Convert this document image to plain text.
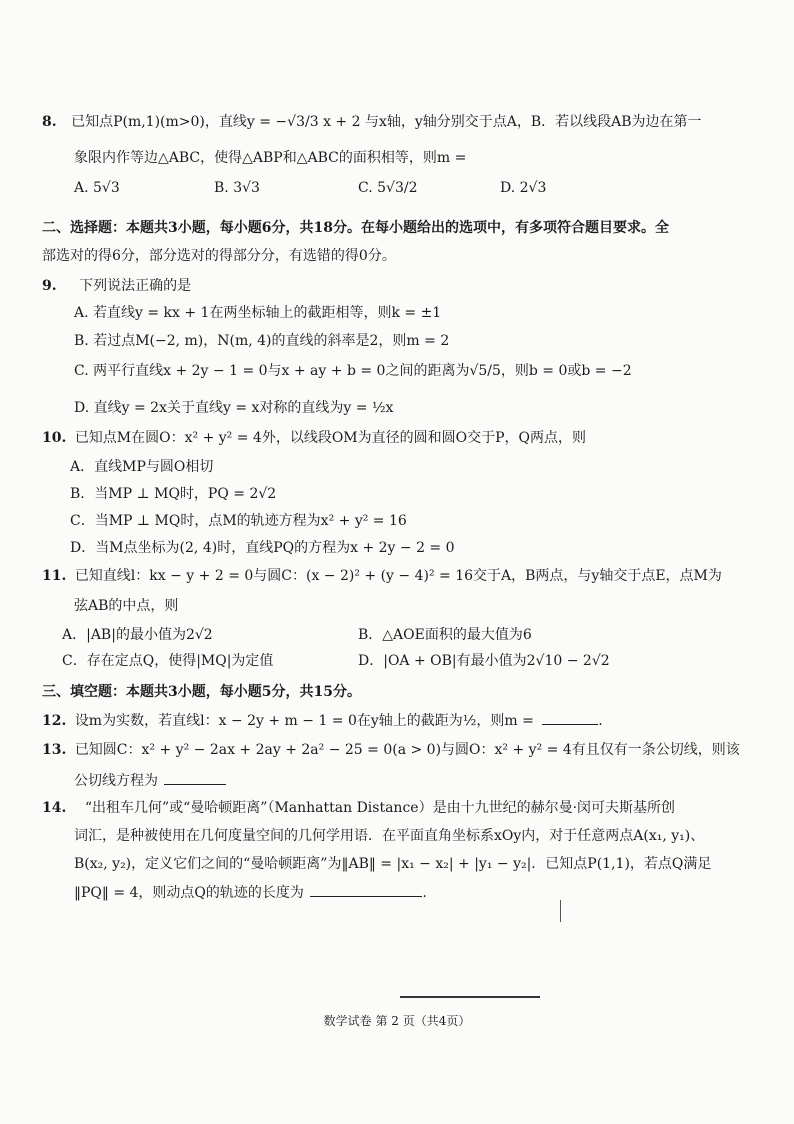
8. 已知点P(m,1)(m>0)，直线y = −√3/3 x + 2 与x轴，y轴分别交于点A，B．若以线段AB为边在第一
象限内作等边△ABC，使得△ABP和△ABC的面积相等，则m =
A. 5√3	B. 3√3	C. 5√3/2	D. 2√3
二、选择题：本题共3小题，每小题6分，共18分。在每小题给出的选项中，有多项符合题目要求。全
部选对的得6分，部分选对的得部分分，有选错的得0分。
9. 下列说法正确的是
A. 若直线y = kx + 1在两坐标轴上的截距相等，则k = ±1
B. 若过点M(−2, m)，N(m, 4)的直线的斜率是2，则m = 2
C. 两平行直线x + 2y − 1 = 0与x + ay + b = 0之间的距离为√5/5，则b = 0或b = −2
D. 直线y = 2x关于直线y = x对称的直线为y = ½x
10. 已知点M在圆O：x² + y² = 4外，以线段OM为直径的圆和圆O交于P，Q两点，则
A．直线MP与圆O相切
B．当MP ⊥ MQ时，PQ = 2√2
C．当MP ⊥ MQ时，点M的轨迹方程为x² + y² = 16
D．当M点坐标为(2, 4)时，直线PQ的方程为x + 2y − 2 = 0
11. 已知直线l：kx − y + 2 = 0与圆C：(x − 2)² + (y − 4)² = 16交于A，B两点，与y轴交于点E，点M为
弦AB的中点，则
A．|AB|的最小值为2√2	B．△AOE面积的最大值为6
C．存在定点Q，使得|MQ|为定值	D．|OA + OB|有最小值为2√10 − 2√2
三、填空题：本题共3小题，每小题5分，共15分。
12. 设m为实数，若直线l：x − 2y + m − 1 = 0在y轴上的截距为½，则m =	.
13. 已知圆C：x² + y² − 2ax + 2ay + 2a² − 25 = 0(a > 0)与圆O：x² + y² = 4有且仅有一条公切线，则该
公切线方程为
14. “出租车几何”或“曼哈顿距离”（Manhattan Distance）是由十九世纪的赫尔曼·闵可夫斯基所创
词汇，是种被使用在几何度量空间的几何学用语．在平面直角坐标系xOy内，对于任意两点A(x₁, y₁)、
B(x₂, y₂)，定义它们之间的“曼哈顿距离”为‖AB‖ = |x₁ − x₂| + |y₁ − y₂|．已知点P(1,1)，若点Q满足
‖PQ‖ = 4，则动点Q的轨迹的长度为	.
数学试卷 第 2 页（共4页）
